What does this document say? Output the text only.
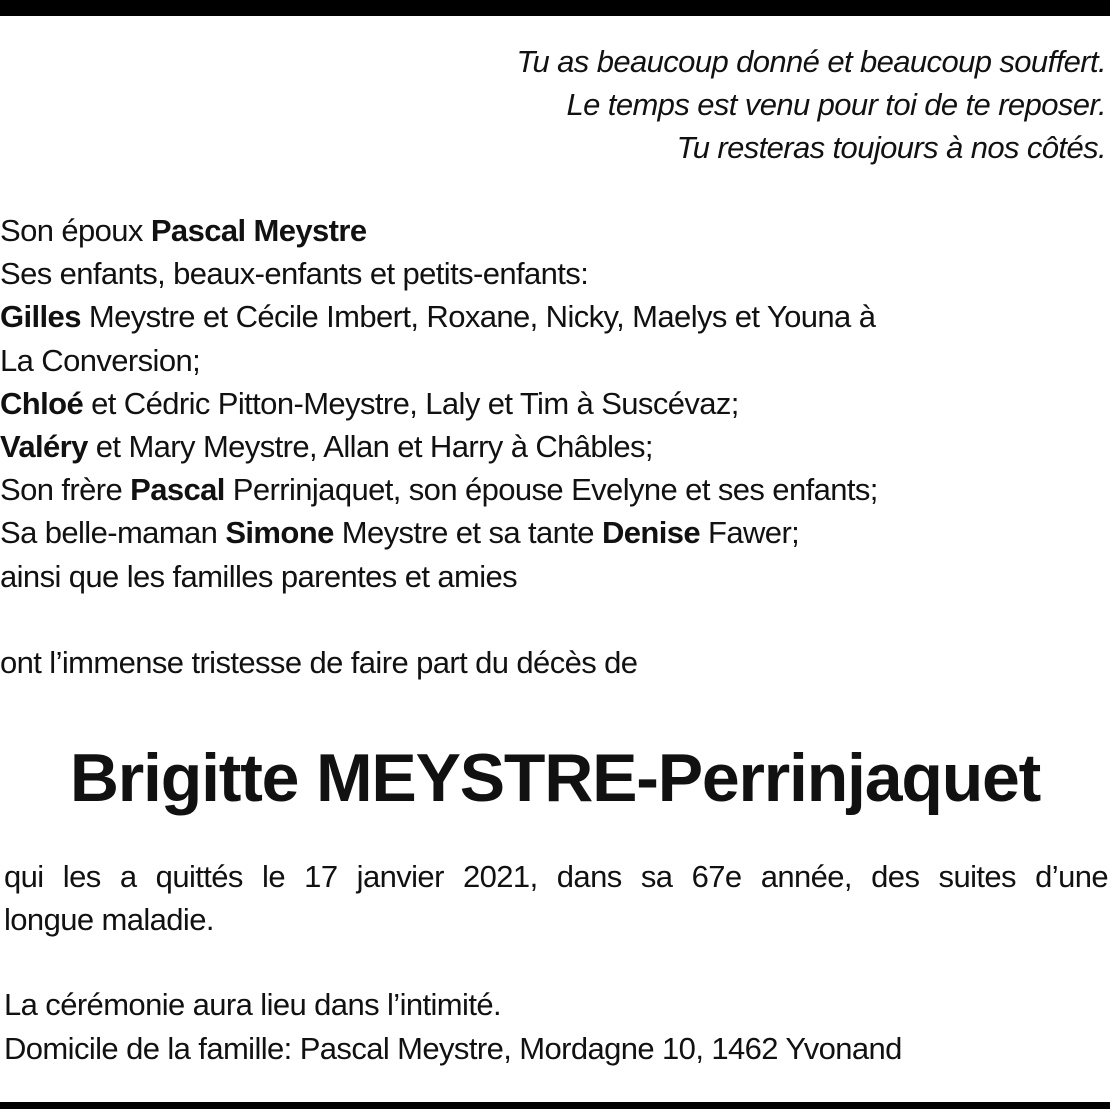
Tu as beaucoup donné et beaucoup souffert.
Le temps est venu pour toi de te reposer.
Tu resteras toujours à nos côtés.
Son époux Pascal Meystre
Ses enfants, beaux-enfants et petits-enfants:
Gilles Meystre et Cécile Imbert, Roxane, Nicky, Maelys et Youna à
La Conversion;
Chloé et Cédric Pitton-Meystre, Laly et Tim à Suscévaz;
Valéry et Mary Meystre, Allan et Harry à Châbles;
Son frère Pascal Perrinjaquet, son épouse Evelyne et ses enfants;
Sa belle-maman Simone Meystre et sa tante Denise Fawer;
ainsi que les familles parentes et amies
ont l’immense tristesse de faire part du décès de
Brigitte MEYSTRE-Perrinjaquet
qui les a quittés le 17 janvier 2021, dans sa 67e année, des suites d’une
longue maladie.
La cérémonie aura lieu dans l’intimité.
Domicile de la famille: Pascal Meystre, Mordagne 10, 1462 Yvonand
